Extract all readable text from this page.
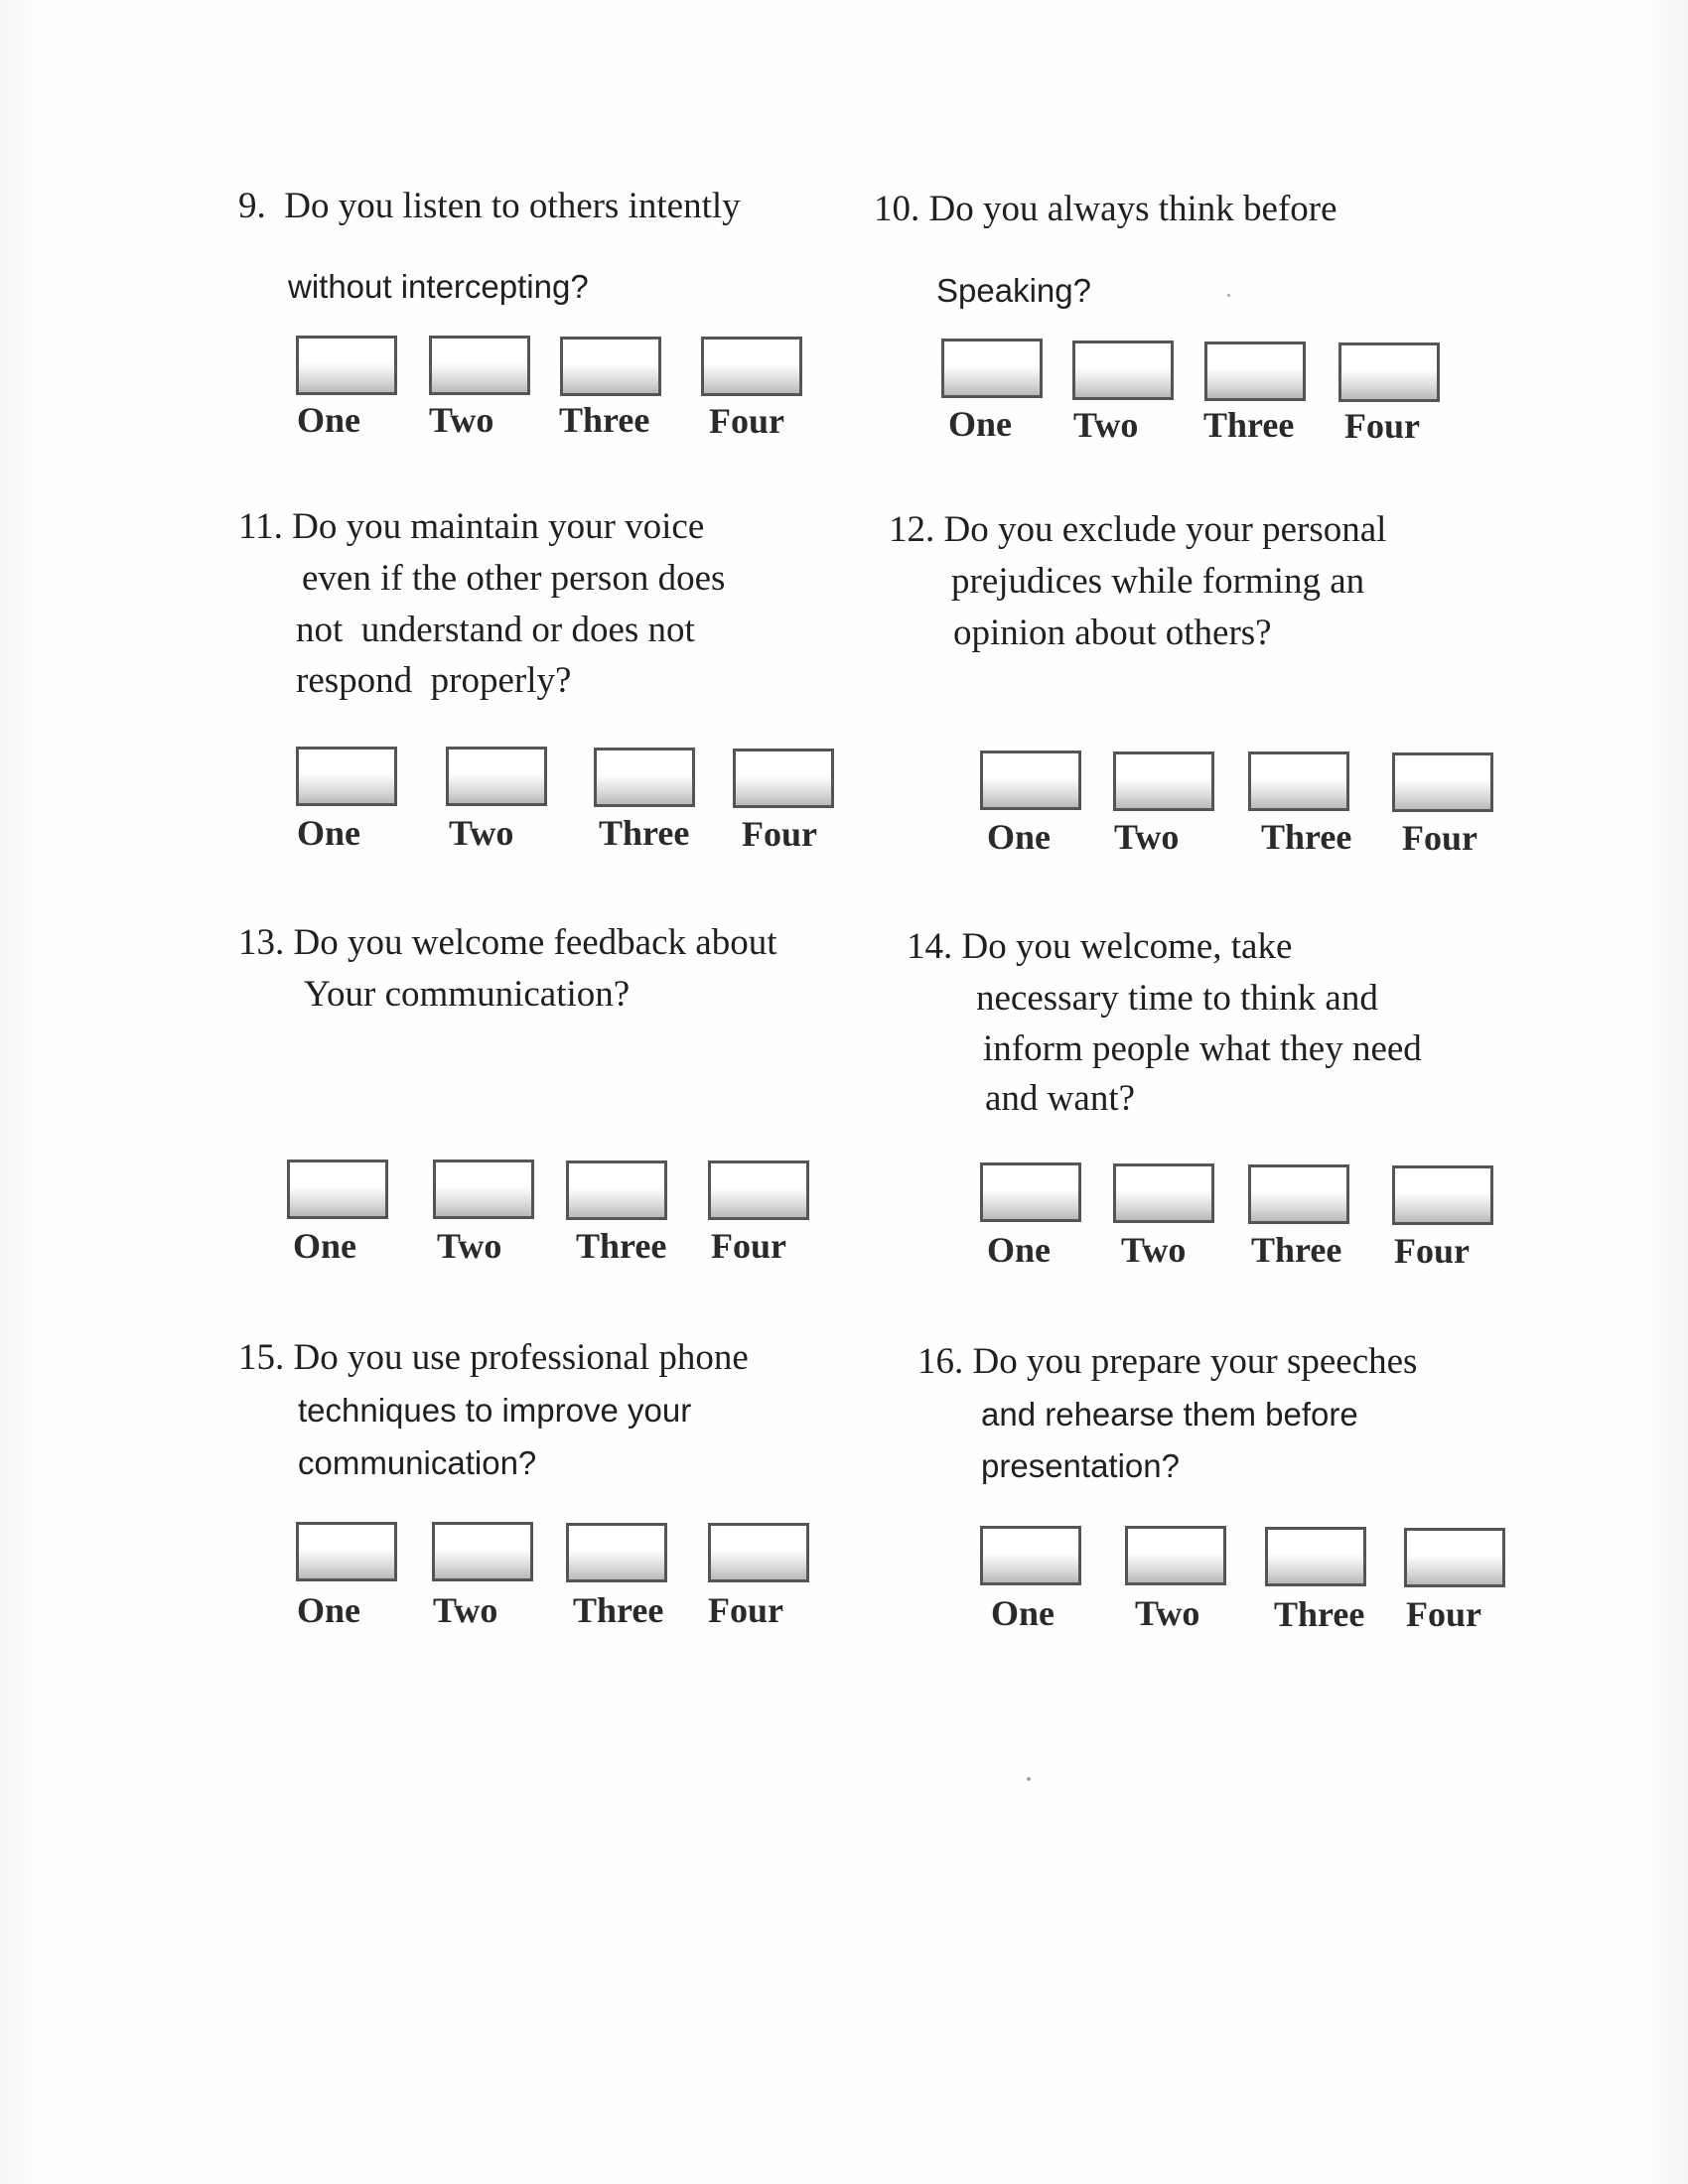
9. Do you listen to others intently
without intercepting?
One Two Three Four
10. Do you always think before
Speaking?
One Two Three Four
11. Do you maintain your voice
even if the other person does
not  understand or does not
respond  properly?
One Two Three Four
12. Do you exclude your personal
prejudices while forming an
opinion about others?
One Two Three Four
13. Do you welcome feedback about
Your communication?
One Two Three Four
14. Do you welcome, take
necessary time to think and
inform people what they need
and want?
One Two Three Four
15. Do you use professional phone
techniques to improve your
communication?
One Two Three Four
16. Do you prepare your speeches
and rehearse them before
presentation?
One Two Three Four
